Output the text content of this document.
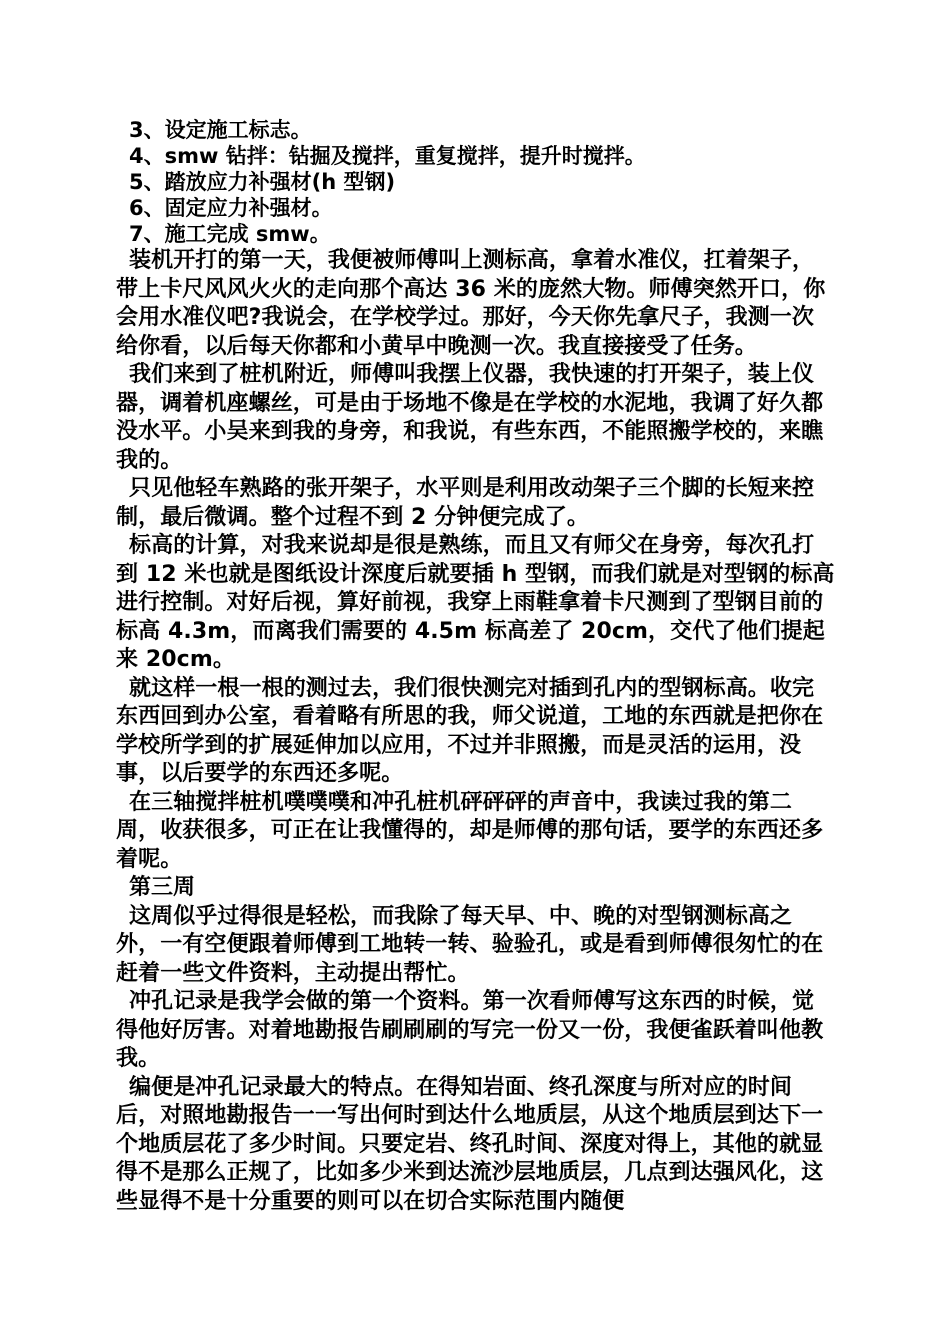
3、设定施工标志。

4、smw 钻拌：钻掘及搅拌，重复搅拌，提升时搅拌。

5、踏放应力补强材(h 型钢)

6、固定应力补强材。

7、施工完成 smw。

装机开打的第一天，我便被师傅叫上测标高，拿着水准仪，扛着架子，带上卡尺风风火火的走向那个高达 36 米的庞然大物。师傅突然开口，你会用水准仪吧?我说会，在学校学过。那好，今天你先拿尺子，我测一次给你看，以后每天你都和小黄早中晚测一次。我直接接受了任务。

我们来到了桩机附近，师傅叫我摆上仪器，我快速的打开架子，装上仪器，调着机座螺丝，可是由于场地不像是在学校的水泥地，我调了好久都没水平。小吴来到我的身旁，和我说，有些东西，不能照搬学校的，来瞧我的。

只见他轻车熟路的张开架子，水平则是利用改动架子三个脚的长短来控制，最后微调。整个过程不到 2 分钟便完成了。

标高的计算，对我来说却是很是熟练，而且又有师父在身旁，每次孔打到 12 米也就是图纸设计深度后就要插 h 型钢，而我们就是对型钢的标高进行控制。对好后视，算好前视，我穿上雨鞋拿着卡尺测到了型钢目前的标高 4.3m，而离我们需要的 4.5m 标高差了 20cm，交代了他们提起来 20cm。

就这样一根一根的测过去，我们很快测完对插到孔内的型钢标高。收完东西回到办公室，看着略有所思的我，师父说道，工地的东西就是把你在学校所学到的扩展延伸加以应用，不过并非照搬，而是灵活的运用，没事，以后要学的东西还多呢。

在三轴搅拌桩机噗噗噗和冲孔桩机砰砰砰的声音中，我读过我的第二周，收获很多，可正在让我懂得的，却是师傅的那句话，要学的东西还多着呢。

第三周

这周似乎过得很是轻松，而我除了每天早、中、晚的对型钢测标高之外，一有空便跟着师傅到工地转一转、验验孔，或是看到师傅很匆忙的在赶着一些文件资料，主动提出帮忙。

冲孔记录是我学会做的第一个资料。第一次看师傅写这东西的时候，觉得他好厉害。对着地勘报告刷刷刷的写完一份又一份，我便雀跃着叫他教我。

编便是冲孔记录最大的特点。在得知岩面、终孔深度与所对应的时间后，对照地勘报告一一写出何时到达什么地质层，从这个地质层到达下一个地质层花了多少时间。只要定岩、终孔时间、深度对得上，其他的就显得不是那么正规了，比如多少米到达流沙层地质层，几点到达强风化，这些显得不是十分重要的则可以在切合实际范围内随便
